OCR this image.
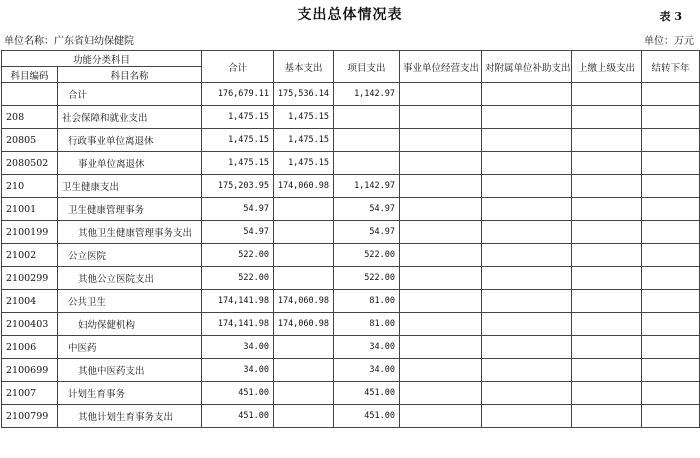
支出总体情况表	表 3
单位名称：广东省妇幼保健院	单位：万元
功能分类科目		合计	基本支出	项目支出	事业单位经营支出	对附属单位补助支出	上缴上级支出	结转下年
科目编码	科目名称							
	合计	176,679.11	175,536.14	1,142.97				
208	社会保障和就业支出	1,475.15	1,475.15					
20805	行政事业单位离退休	1,475.15	1,475.15					
2080502	事业单位离退休	1,475.15	1,475.15					
210	卫生健康支出	175,203.95	174,060.98	1,142.97				
21001	卫生健康管理事务	54.97		54.97				
2100199	其他卫生健康管理事务支出	54.97		54.97				
21002	公立医院	522.00		522.00				
2100299	其他公立医院支出	522.00		522.00				
21004	公共卫生	174,141.98	174,060.98	81.00				
2100403	妇幼保健机构	174,141.98	174,060.98	81.00				
21006	中医药	34.00		34.00				
2100699	其他中医药支出	34.00		34.00				
21007	计划生育事务	451.00		451.00				
2100799	其他计划生育事务支出	451.00		451.00				
